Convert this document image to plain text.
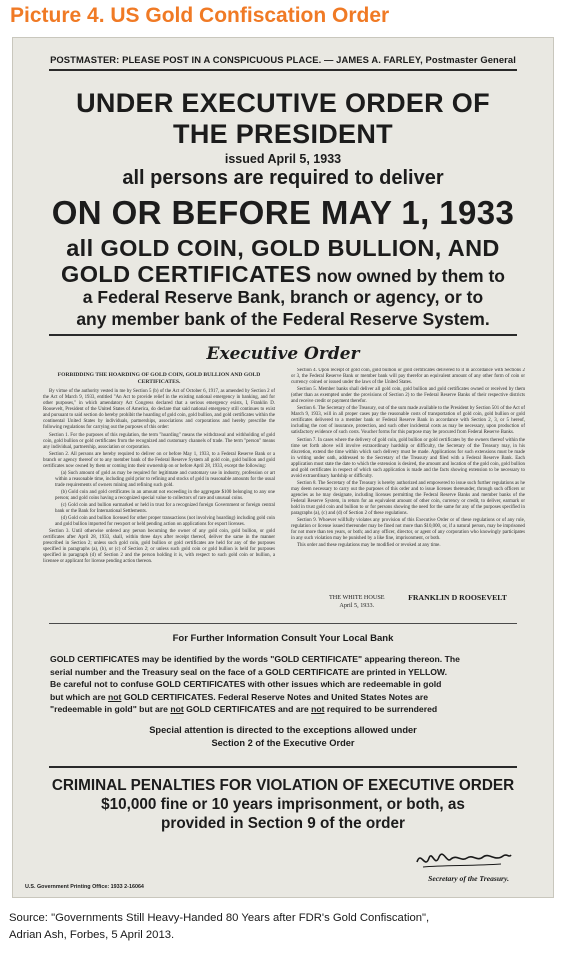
Picture 4. US Gold Confiscation Order
POSTMASTER: PLEASE POST IN A CONSPICUOUS PLACE. — JAMES A. FARLEY, Postmaster General
UNDER EXECUTIVE ORDER OF
THE PRESIDENT
issued April 5, 1933
all persons are required to deliver
ON OR BEFORE MAY 1, 1933
all GOLD COIN, GOLD BULLION, AND
GOLD CERTIFICATES now owned by them to
a Federal Reserve Bank, branch or agency, or to
any member bank of the Federal Reserve System.
Executive Order

FORBIDDING THE HOARDING OF GOLD COIN, GOLD BULLION AND GOLD CERTIFICATES.

By virtue of the authority vested in me by Section 5 (b) of the Act of October 6, 1917, as amended by Section 2 of the Act of March 9, 1933, entitled "An Act to provide relief in the existing national emergency in banking, and for other purposes," in which amendatory Act Congress declared that a serious emergency exists, I, Franklin D. Roosevelt, President of the United States of America, do declare that said national emergency still continues to exist and pursuant to said section do hereby prohibit the hoarding of gold coin, gold bullion, and gold certificates within the continental United States by individuals, partnerships, associations and corporations and hereby prescribe the following regulations for carrying out the purposes of this order:

Section 1. For the purposes of this regulation, the term "hoarding" means the withdrawal and withholding of gold coin, gold bullion or gold certificates from the recognized and customary channels of trade. The term "person" means any individual, partnership, association or corporation.

Section 2. All persons are hereby required to deliver on or before May 1, 1933, to a Federal Reserve Bank or a branch or agency thereof or to any member bank of the Federal Reserve System all gold coin, gold bullion and gold certificates now owned by them or coming into their ownership on or before April 28, 1933, except the following:

(a) Such amount of gold as may be required for legitimate and customary use in industry, profession or art within a reasonable time, including gold prior to refining and stocks of gold in reasonable amounts for the usual trade requirements of owners mining and refining such gold.

(b) Gold coin and gold certificates in an amount not exceeding in the aggregate $100 belonging to any one person; and gold coins having a recognized special value to collectors of rare and unusual coins.

(c) Gold coin and bullion earmarked or held in trust for a recognized foreign Government or foreign central bank or the Bank for International Settlements.

(d) Gold coin and bullion licensed for other proper transactions (not involving hoarding) including gold coin and gold bullion imported for reexport or held pending action on applications for export licenses.

Section 3. Until otherwise ordered any person becoming the owner of any gold coin, gold bullion, or gold certificates after April 28, 1933, shall, within three days after receipt thereof, deliver the same in the manner prescribed in Section 2; unless such gold coin, gold bullion or gold certificates are held for any of the purposes specified in paragraphs (a), (b), or (c) of Section 2; or unless such gold coin or gold bullion is held for purposes specified in paragraph (d) of Section 2 and the person holding it is, with respect to such gold coin or bullion, a licensee or applicant for license pending action thereon.

Section 4. Upon receipt of gold coin, gold bullion or gold certificates delivered to it in accordance with Sections 2 or 3, the Federal Reserve Bank or member bank will pay therefor an equivalent amount of any other form of coin or currency coined or issued under the laws of the United States.

Section 5. Member banks shall deliver all gold coin, gold bullion and gold certificates owned or received by them (other than as exempted under the provisions of Section 2) to the Federal Reserve Banks of their respective districts and receive credit or payment therefor.

Section 6. The Secretary of the Treasury, out of the sum made available to the President by Section 501 of the Act of March 9, 1933, will in all proper cases pay the reasonable costs of transportation of gold coin, gold bullion or gold certificates delivered to a member bank or Federal Reserve Bank in accordance with Section 2, 3, or 5 hereof, including the cost of insurance, protection, and such other incidental costs as may be necessary, upon production of satisfactory evidence of such costs. Voucher forms for this purpose may be procured from Federal Reserve Banks.

Section 7. In cases where the delivery of gold coin, gold bullion or gold certificates by the owners thereof within the time set forth above will involve extraordinary hardship or difficulty, the Secretary of the Treasury may, in his discretion, extend the time within which such delivery must be made. Applications for such extensions must be made in writing under oath, addressed to the Secretary of the Treasury and filed with a Federal Reserve Bank. Each application must state the date to which the extension is desired, the amount and location of the gold coin, gold bullion and gold certificates in respect of which such application is made and the facts showing extension to be necessary to avoid extraordinary hardship or difficulty.

Section 8. The Secretary of the Treasury is hereby authorized and empowered to issue such further regulations as he may deem necessary to carry out the purposes of this order and to issue licenses thereunder, through such officers or agencies as he may designate, including licenses permitting the Federal Reserve Banks and member banks of the Federal Reserve System, in return for an equivalent amount of other coin, currency or credit, to deliver, earmark or hold in trust gold coin and bullion to or for persons showing the need for the same for any of the purposes specified in paragraphs (a), (c) and (d) of Section 2 of these regulations.

Section 9. Whoever willfully violates any provision of this Executive Order or of these regulations or of any rule, regulation or license issued thereunder may be fined not more than $10,000, or, if a natural person, may be imprisoned for not more than ten years, or both; and any officer, director, or agent of any corporation who knowingly participates in any such violation may be punished by a like fine, imprisonment, or both.

This order and these regulations may be modified or revoked at any time.

THE WHITE HOUSE
April 5, 1933.
FRANKLIN D ROOSEVELT
For Further Information Consult Your Local Bank
GOLD CERTIFICATES may be identified by the words "GOLD CERTIFICATE" appearing thereon. The
serial number and the Treasury seal on the face of a GOLD CERTIFICATE are printed in YELLOW.
Be careful not to confuse GOLD CERTIFICATES with other issues which are redeemable in gold
but which are not GOLD CERTIFICATES. Federal Reserve Notes and United States Notes are
"redeemable in gold" but are not GOLD CERTIFICATES and are not required to be surrendered
Special attention is directed to the exceptions allowed under
Section 2 of the Executive Order
CRIMINAL PENALTIES FOR VIOLATION OF EXECUTIVE ORDER
$10,000 fine or 10 years imprisonment, or both, as
provided in Section 9 of the order
Secretary of the Treasury.
U.S. Government Printing Office: 1933 2-16064
Source: "Governments Still Heavy-Handed 80 Years after FDR's Gold Confiscation",
Adrian Ash, Forbes, 5 April 2013.
